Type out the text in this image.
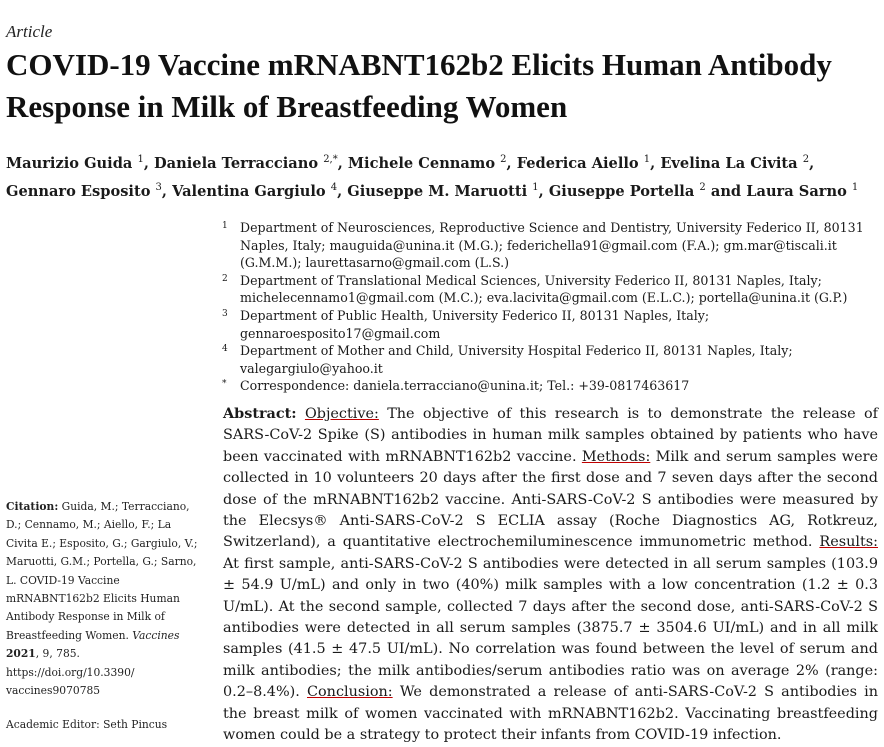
Article
COVID-19 Vaccine mRNABNT162b2 Elicits Human Antibody Response in Milk of Breastfeeding Women
Maurizio Guida $^1$, Daniela Terracciano $^{2,*}$, Michele Cennamo $^2$, Federica Aiello $^1$, Evelina La Civita $^2$, Gennaro Esposito $^3$, Valentina Gargiulo $^4$, Giuseppe M. Maruotti $^1$, Giuseppe Portella $^2$ and Laura Sarno $^1$
1 Department of Neurosciences, Reproductive Science and Dentistry, University Federico II, 80131 Naples, Italy; mauguida@unina.it (M.G.); federichella91@gmail.com (F.A.); gm.mar@tiscali.it (G.M.M.); laurettasarno@gmail.com (L.S.)
2 Department of Translational Medical Sciences, University Federico II, 80131 Naples, Italy; michelecennamo1@gmail.com (M.C.); eva.lacivita@gmail.com (E.L.C.); portella@unina.it (G.P.)
3 Department of Public Health, University Federico II, 80131 Naples, Italy; gennaroesposito17@gmail.com
4 Department of Mother and Child, University Hospital Federico II, 80131 Naples, Italy; valegargiulo@yahoo.it
* Correspondence: daniela.terracciano@unina.it; Tel.: +39-0817463617

Abstract: Objective: The objective of this research is to demonstrate the release of SARS-CoV-2 Spike (S) antibodies in human milk samples obtained by patients who have been vaccinated with mRNABNT162b2 vaccine. Methods: Milk and serum samples were collected in 10 volunteers 20 days after the first dose and 7 seven days after the second dose of the mRNABNT162b2 vaccine. Anti-SARS-CoV-2 S antibodies were measured by the Elecsys® Anti-SARS-CoV-2 S ECLIA assay (Roche Diagnostics AG, Rotkreuz, Switzerland), a quantitative electrochemiluminescence immunometric method. Results: At first sample, anti-SARS-CoV-2 S antibodies were detected in all serum samples (103.9 ± 54.9 U/mL) and only in two (40%) milk samples with a low concentration (1.2 ± 0.3 U/mL). At the second sample, collected 7 days after the second dose, anti-SARS-CoV-2 S antibodies were detected in all serum samples (3875.7 ± 3504.6 UI/mL) and in all milk samples (41.5 ± 47.5 UI/mL). No correlation was found between the level of serum and milk antibodies; the milk antibodies/serum antibodies ratio was on average 2% (range: 0.2–8.4%). Conclusion: We demonstrated a release of anti-SARS-CoV-2 S antibodies in the breast milk of women vaccinated with mRNABNT162b2. Vaccinating breastfeeding women could be a strategy to protect their infants from COVID-19 infection.

Citation: Guida, M.; Terracciano, D.; Cennamo, M.; Aiello, F.; La Civita E.; Esposito, G.; Gargiulo, V.; Maruotti, G.M.; Portella, G.; Sarno, L. COVID-19 Vaccine mRNABNT162b2 Elicits Human Antibody Response in Milk of Breastfeeding Women. Vaccines 2021, 9, 785. https://doi.org/10.3390/ vaccines9070785
Academic Editor: Seth Pincus
